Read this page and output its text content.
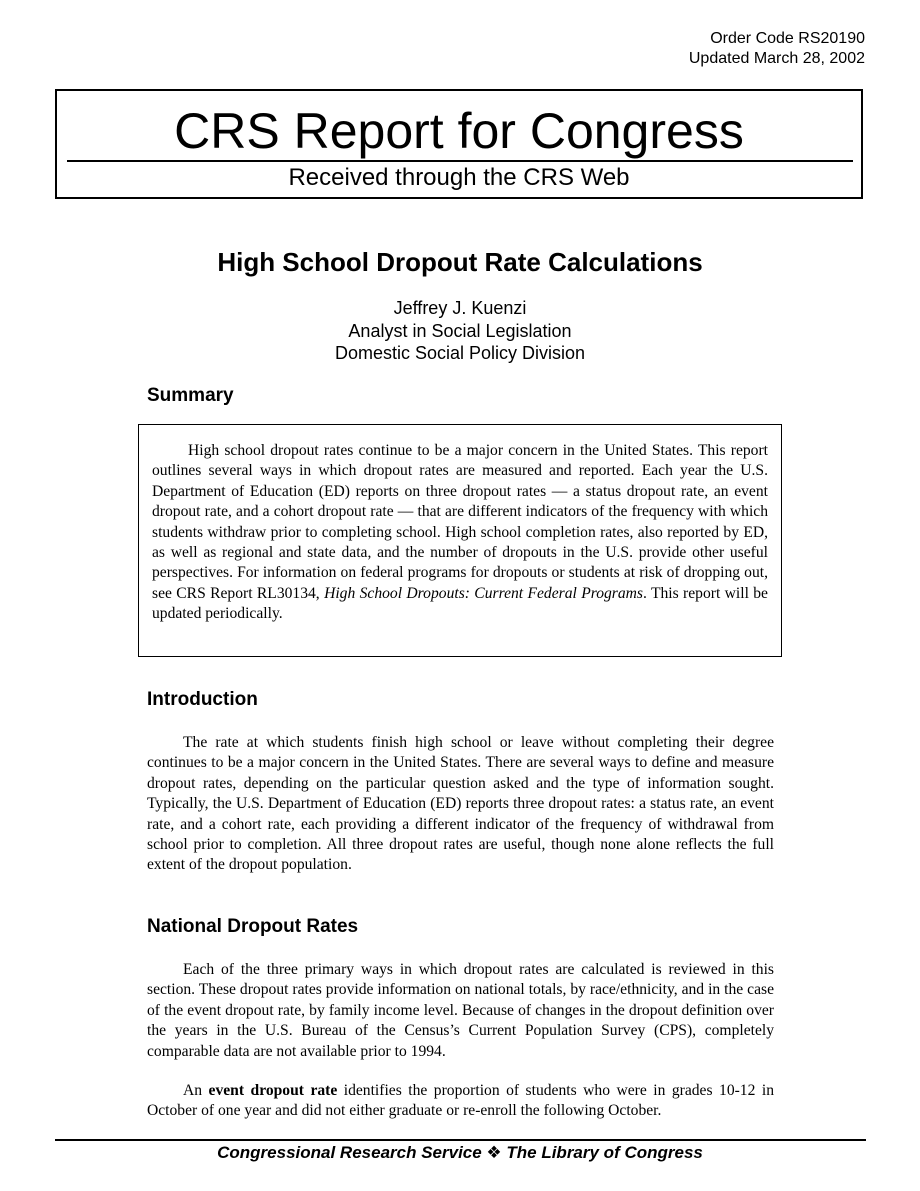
Order Code RS20190
Updated March 28, 2002
CRS Report for Congress
Received through the CRS Web
High School Dropout Rate Calculations
Jeffrey J. Kuenzi
Analyst in Social Legislation
Domestic Social Policy Division
Summary

High school dropout rates continue to be a major concern in the United States. This report outlines several ways in which dropout rates are measured and reported. Each year the U.S. Department of Education (ED) reports on three dropout rates — a status dropout rate, an event dropout rate, and a cohort dropout rate — that are different indicators of the frequency with which students withdraw prior to completing school. High school completion rates, also reported by ED, as well as regional and state data, and the number of dropouts in the U.S. provide other useful perspectives. For information on federal programs for dropouts or students at risk of dropping out, see CRS Report RL30134, High School Dropouts: Current Federal Programs. This report will be updated periodically.

Introduction

The rate at which students finish high school or leave without completing their degree continues to be a major concern in the United States. There are several ways to define and measure dropout rates, depending on the particular question asked and the type of information sought. Typically, the U.S. Department of Education (ED) reports three dropout rates: a status rate, an event rate, and a cohort rate, each providing a different indicator of the frequency of withdrawal from school prior to completion. All three dropout rates are useful, though none alone reflects the full extent of the dropout population.

National Dropout Rates

Each of the three primary ways in which dropout rates are calculated is reviewed in this section. These dropout rates provide information on national totals, by race/ethnicity, and in the case of the event dropout rate, by family income level. Because of changes in the dropout definition over the years in the U.S. Bureau of the Census’s Current Population Survey (CPS), completely comparable data are not available prior to 1994.

An event dropout rate identifies the proportion of students who were in grades 10-12 in October of one year and did not either graduate or re-enroll the following October.

Congressional Research Service ❖ The Library of Congress
